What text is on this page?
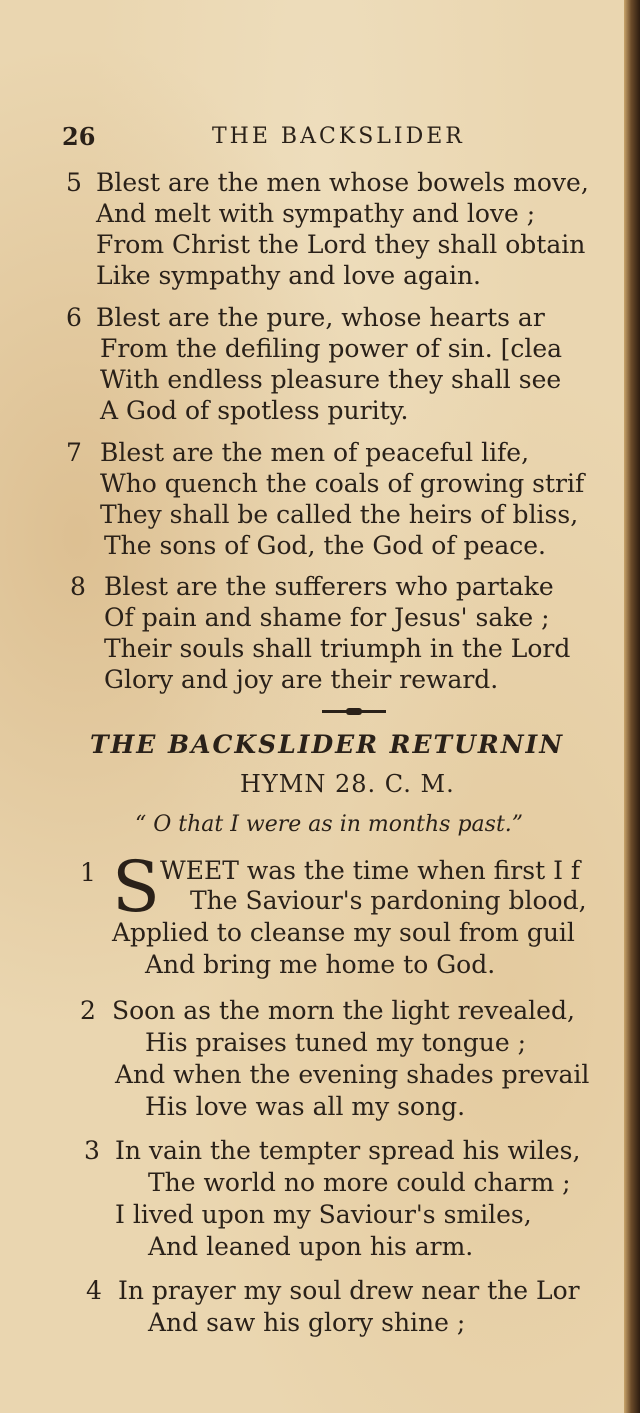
26	THE BACKSLIDER
5 Blest are the men whose bowels move,
And melt with sympathy and love ;
From Christ the Lord they shall obtain
Like sympathy and love again.
6 Blest are the pure, whose hearts ar
From the defiling power of sin. [clea
With endless pleasure they shall see
A God of spotless purity.
7 Blest are the men of peaceful life,
Who quench the coals of growing strif
They shall be called the heirs of bliss,
The sons of God, the God of peace.
8 Blest are the sufferers who partake
Of pain and shame for Jesus' sake ;
Their souls shall triumph in the Lord
Glory and joy are their reward.
THE BACKSLIDER RETURNIN
HYMN 28. C. M.
“ O that I were as in months past.”
1 S WEET was the time when first I f
The Saviour's pardoning blood,
Applied to cleanse my soul from guil
And bring me home to God.
2 Soon as the morn the light revealed,
His praises tuned my tongue ;
And when the evening shades prevail
His love was all my song.
3 In vain the tempter spread his wiles,
The world no more could charm ;
I lived upon my Saviour's smiles,
And leaned upon his arm.
4 In prayer my soul drew near the Lor
And saw his glory shine ;
